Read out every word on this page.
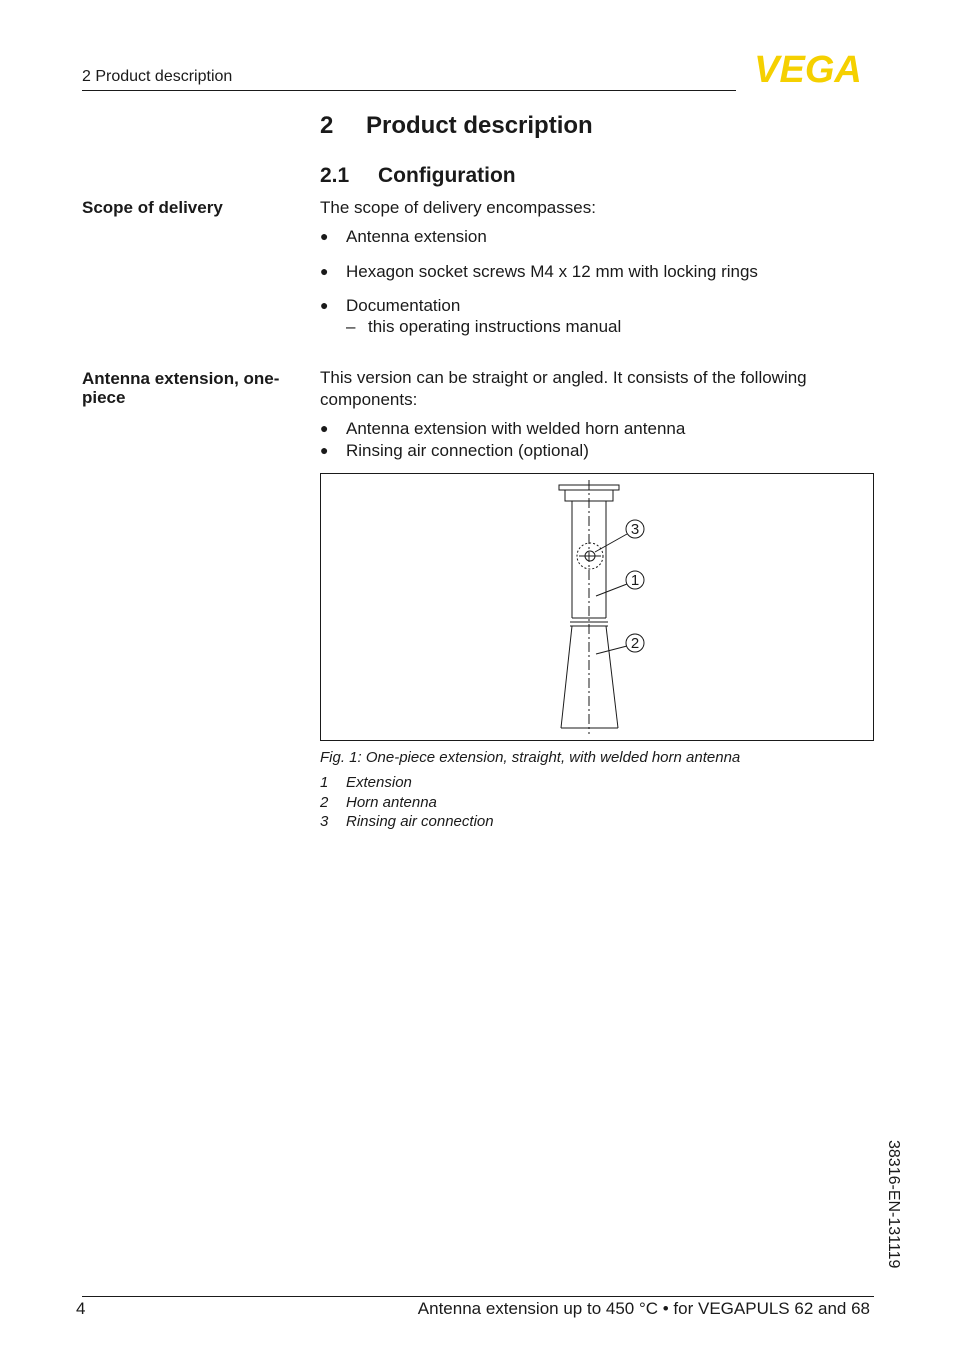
2 Product description	VEGA
2 Product description
2.1 Configuration
Scope of delivery	The scope of delivery encompasses:
● Antenna extension
● Hexagon socket screws M4 x 12 mm with locking rings
● Documentation
– this operating instructions manual
Antenna extension, one-piece
This version can be straight or angled. It consists of the following components:
● Antenna extension with welded horn antenna
● Rinsing air connection (optional)
3
1
2
Fig. 1: One-piece extension, straight, with welded horn antenna
1 Extension
2 Horn antenna
3 Rinsing air connection
38316-EN-131119
4	Antenna extension up to 450 °C • for VEGAPULS 62 and 68
